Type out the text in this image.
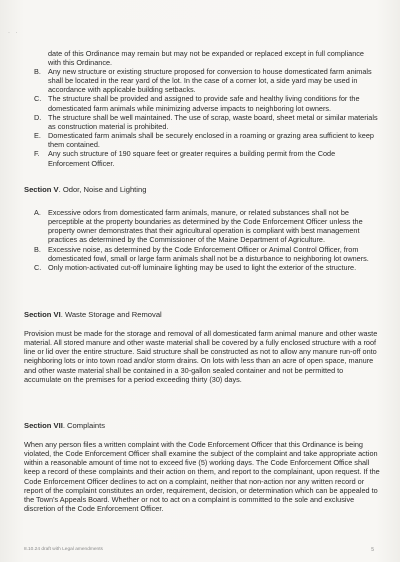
· ·
date of this Ordinance may remain but may not be expanded or replaced except in full compliance with this Ordinance.
B. Any new structure or existing structure proposed for conversion to house domesticated farm animals shall be located in the rear yard of the lot. In the case of a corner lot, a side yard may be used in accordance with applicable building setbacks.
C. The structure shall be provided and assigned to provide safe and healthy living conditions for the domesticated farm animals while minimizing adverse impacts to neighboring lot owners.
D. The structure shall be well maintained. The use of scrap, waste board, sheet metal or similar materials as construction material is prohibited.
E. Domesticated farm animals shall be securely enclosed in a roaming or grazing area sufficient to keep them contained.
F. Any such structure of 190 square feet or greater requires a building permit from the Code Enforcement Officer.
Section V. Odor, Noise and Lighting
A. Excessive odors from domesticated farm animals, manure, or related substances shall not be perceptible at the property boundaries as determined by the Code Enforcement Officer unless the property owner demonstrates that their agricultural operation is compliant with best management practices as determined by the Commissioner of the Maine Department of Agriculture.
B. Excessive noise, as determined by the Code Enforcement Officer or Animal Control Officer, from domesticated fowl, small or large farm animals shall not be a disturbance to neighboring lot owners.
C. Only motion-activated cut-off luminaire lighting may be used to light the exterior of the structure.
Section VI. Waste Storage and Removal
Provision must be made for the storage and removal of all domesticated farm animal manure and other waste material. All stored manure and other waste material shall be covered by a fully enclosed structure with a roof line or lid over the entire structure. Said structure shall be constructed as not to allow any manure run-off onto neighboring lots or into town road and/or storm drains. On lots with less than an acre of open space, manure and other waste material shall be contained in a 30-gallon sealed container and not be permitted to accumulate on the premises for a period exceeding thirty (30) days.
Section VII. Complaints
When any person files a written complaint with the Code Enforcement Officer that this Ordinance is being violated, the Code Enforcement Officer shall examine the subject of the complaint and take appropriate action within a reasonable amount of time not to exceed five (5) working days. The Code Enforcement Office shall keep a record of these complaints and their action on them, and report to the complainant, upon request. If the Code Enforcement Officer declines to act on a complaint, neither that non-action nor any written record or report of the complaint constitutes an order, requirement, decision, or determination which can be appealed to the Town's Appeals Board. Whether or not to act on a complaint is committed to the sole and exclusive discretion of the Code Enforcement Officer.
8.10.24 draft with Legal amendments	5
